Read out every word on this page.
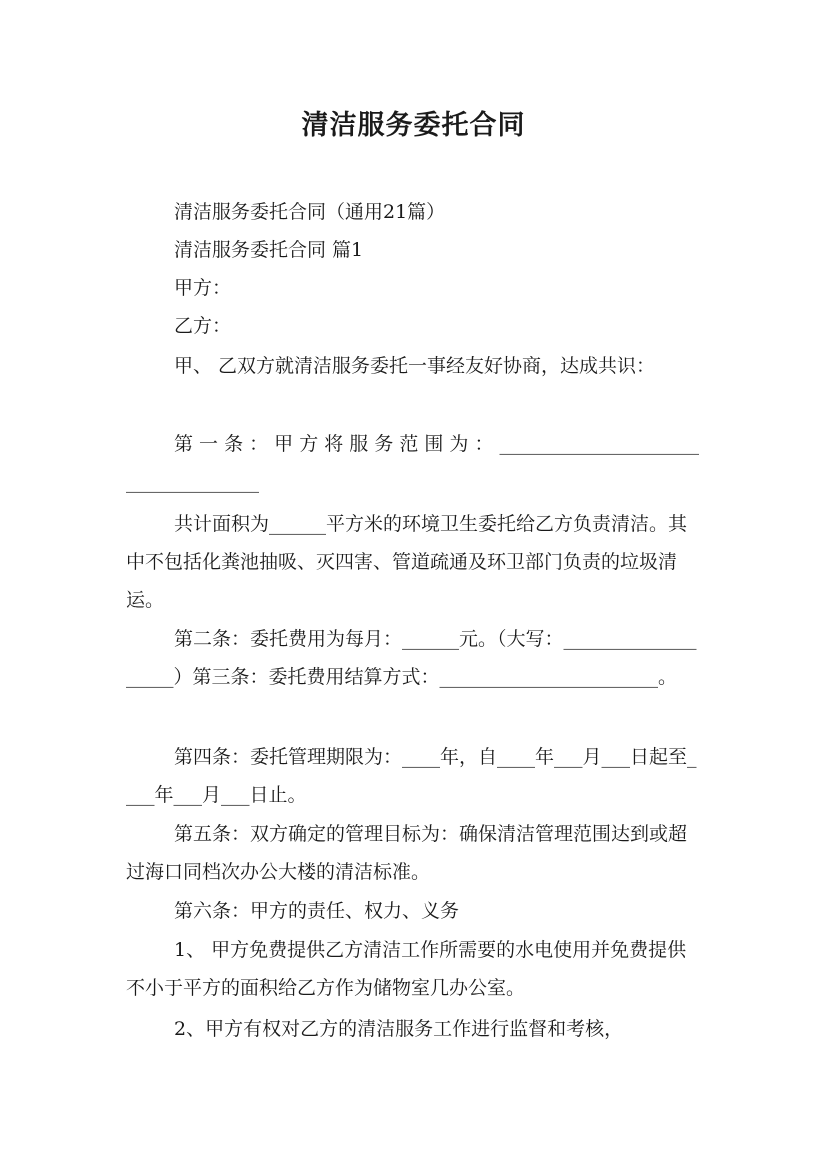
清洁服务委托合同

清洁服务委托合同（通用21篇）

清洁服务委托合同 篇1

甲方：

乙方：

甲、 乙双方就清洁服务委托一事经友好协商，达成共识：

第 一 条 ： 甲 方 将 服 务 范 围 为 ： ___________________________________

共计面积为______平方米的环境卫生委托给乙方负责清洁。其中不包括化粪池抽吸、灭四害、管道疏通及环卫部门负责的垃圾清运。

第二条：委托费用为每月：______元。（大写：___________________）第三条：委托费用结算方式：_______________________。

第四条：委托管理期限为：____年，自____年___月___日起至____年___月___日止。

第五条：双方确定的管理目标为：确保清洁管理范围达到或超过海口同档次办公大楼的清洁标准。

第六条：甲方的责任、权力、义务

1、 甲方免费提供乙方清洁工作所需要的水电使用并免费提供不小于平方的面积给乙方作为储物室几办公室。

2、甲方有权对乙方的清洁服务工作进行监督和考核，
